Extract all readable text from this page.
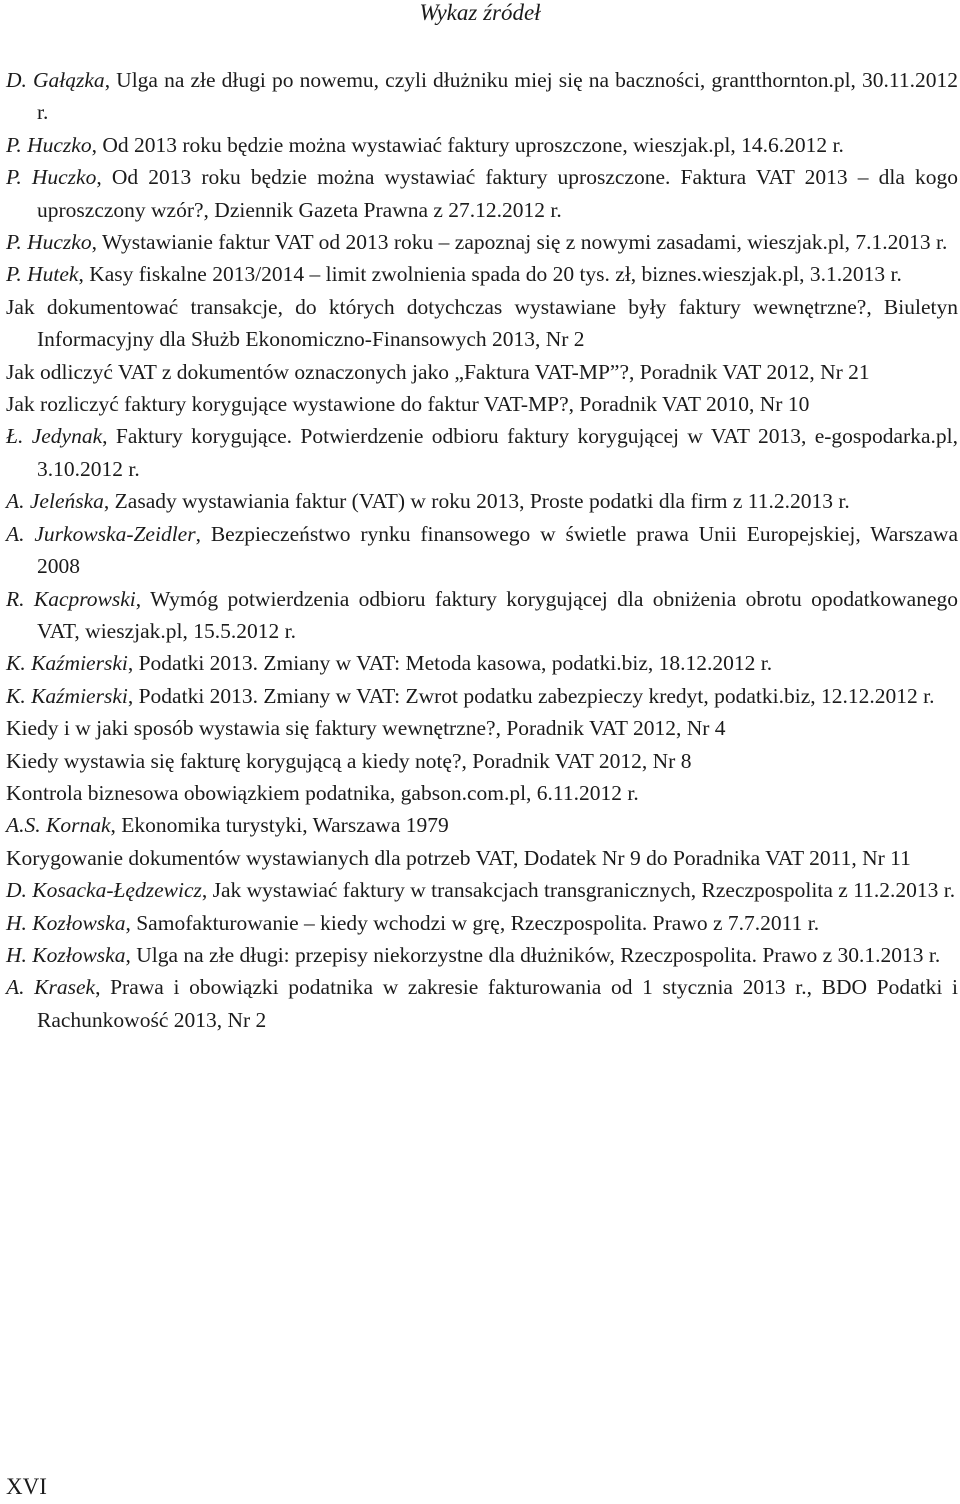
Wykaz źródeł

D. Gałązka, Ulga na złe długi po nowemu, czyli dłużniku miej się na baczności, grantthornton.pl, 30.11.2012 r.

P. Huczko, Od 2013 roku będzie można wystawiać faktury uproszczone, wieszjak.pl, 14.6.2012 r.

P. Huczko, Od 2013 roku będzie można wystawiać faktury uproszczone. Faktura VAT 2013 – dla kogo uproszczony wzór?, Dziennik Gazeta Prawna z 27.12.2012 r.

P. Huczko, Wystawianie faktur VAT od 2013 roku – zapoznaj się z nowymi zasadami, wieszjak.pl, 7.1.2013 r.

P. Hutek, Kasy fiskalne 2013/2014 – limit zwolnienia spada do 20 tys. zł, biznes.wieszjak.pl, 3.1.2013 r.

Jak dokumentować transakcje, do których dotychczas wystawiane były faktury wewnętrzne?, Biuletyn Informacyjny dla Służb Ekonomiczno-Finansowych 2013, Nr 2

Jak odliczyć VAT z dokumentów oznaczonych jako „Faktura VAT-MP”?, Poradnik VAT 2012, Nr 21

Jak rozliczyć faktury korygujące wystawione do faktur VAT-MP?, Poradnik VAT 2010, Nr 10

Ł. Jedynak, Faktury korygujące. Potwierdzenie odbioru faktury korygującej w VAT 2013, e-gospodarka.pl, 3.10.2012 r.

A. Jeleńska, Zasady wystawiania faktur (VAT) w roku 2013, Proste podatki dla firm z 11.2.2013 r.

A. Jurkowska-Zeidler, Bezpieczeństwo rynku finansowego w świetle prawa Unii Europejskiej, Warszawa 2008

R. Kacprowski, Wymóg potwierdzenia odbioru faktury korygującej dla obniżenia obrotu opodatkowanego VAT, wieszjak.pl, 15.5.2012 r.

K. Kaźmierski, Podatki 2013. Zmiany w VAT: Metoda kasowa, podatki.biz, 18.12.2012 r.

K. Kaźmierski, Podatki 2013. Zmiany w VAT: Zwrot podatku zabezpieczy kredyt, podatki.biz, 12.12.2012 r.

Kiedy i w jaki sposób wystawia się faktury wewnętrzne?, Poradnik VAT 2012, Nr 4

Kiedy wystawia się fakturę korygującą a kiedy notę?, Poradnik VAT 2012, Nr 8

Kontrola biznesowa obowiązkiem podatnika, gabson.com.pl, 6.11.2012 r.

A.S. Kornak, Ekonomika turystyki, Warszawa 1979

Korygowanie dokumentów wystawianych dla potrzeb VAT, Dodatek Nr 9 do Poradnika VAT 2011, Nr 11

D. Kosacka-Łędzewicz, Jak wystawiać faktury w transakcjach transgranicznych, Rzeczpospolita z 11.2.2013 r.

H. Kozłowska, Samofakturowanie – kiedy wchodzi w grę, Rzeczpospolita. Prawo z 7.7.2011 r.

H. Kozłowska, Ulga na złe długi: przepisy niekorzystne dla dłużników, Rzeczpospolita. Prawo z 30.1.2013 r.

A. Krasek, Prawa i obowiązki podatnika w zakresie fakturowania od 1 stycznia 2013 r., BDO Podatki i Rachunkowość 2013, Nr 2

XVI
